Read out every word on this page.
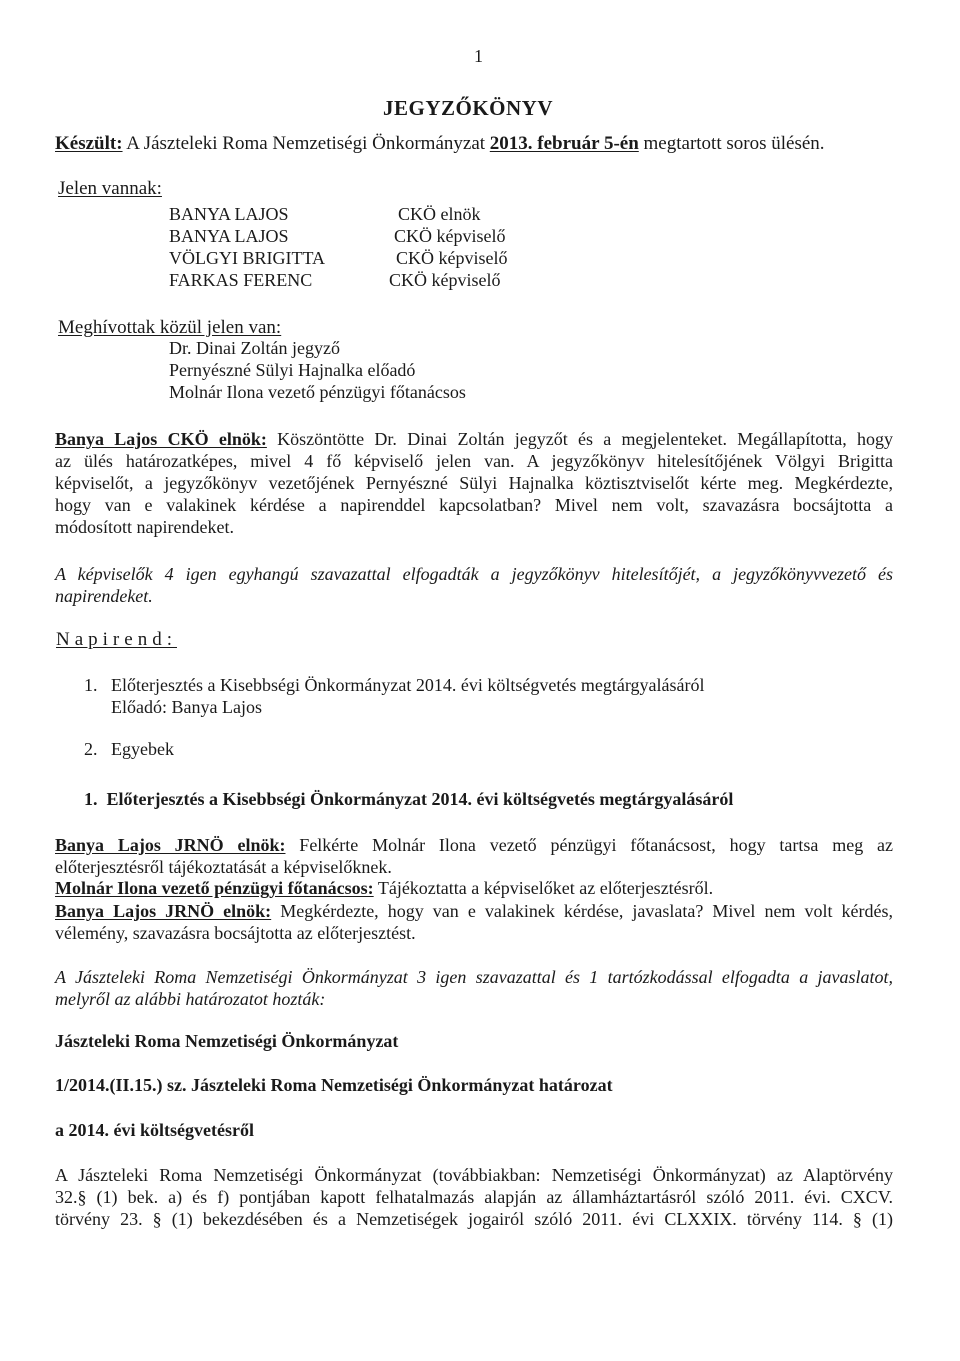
1
JEGYZŐKÖNYV
Készült: A Jászteleki Roma Nemzetiségi Önkormányzat 2013. február 5-én megtartott soros ülésén.
Jelen vannak:
BANYA LAJOS	CKÖ elnök
BANYA LAJOS	CKÖ képviselő
VÖLGYI BRIGITTA	CKÖ képviselő
FARKAS FERENC	CKÖ képviselő
Meghívottak közül jelen van:
Dr. Dinai Zoltán jegyző
Pernyészné Sülyi Hajnalka előadó
Molnár Ilona vezető pénzügyi főtanácsos
Banya Lajos CKÖ elnök: Köszöntötte Dr. Dinai Zoltán jegyzőt és a megjelenteket. Megállapította, hogy
az ülés határozatképes, mivel 4 fő képviselő jelen van. A jegyzőkönyv hitelesítőjének Völgyi Brigitta
képviselőt, a jegyzőkönyv vezetőjének Pernyészné Sülyi Hajnalka köztisztviselőt kérte meg. Megkérdezte,
hogy van e valakinek kérdése a napirenddel kapcsolatban? Mivel nem volt, szavazásra bocsájtotta a
módosított napirendeket.
A képviselők 4 igen egyhangú szavazattal elfogadták a jegyzőkönyv hitelesítőjét, a jegyzőkönyvvezető és
napirendeket.
Napirend:
1. Előterjesztés a Kisebbségi Önkormányzat 2014. évi költségvetés megtárgyalásáról
Előadó: Banya Lajos
2. Egyebek
1.  Előterjesztés a Kisebbségi Önkormányzat 2014. évi költségvetés megtárgyalásáról
Banya Lajos JRNÖ elnök: Felkérte Molnár Ilona vezető pénzügyi főtanácsost, hogy tartsa meg az
előterjesztésről tájékoztatását a képviselőknek.
Molnár Ilona vezető pénzügyi főtanácsos: Tájékoztatta a képviselőket az előterjesztésről.
Banya Lajos JRNÖ elnök: Megkérdezte, hogy van e valakinek kérdése, javaslata? Mivel nem volt kérdés,
vélemény, szavazásra bocsájtotta az előterjesztést.
A Jászteleki Roma Nemzetiségi Önkormányzat 3 igen szavazattal és 1 tartózkodással elfogadta a javaslatot,
melyről az alábbi határozatot hozták:
Jászteleki Roma Nemzetiségi Önkormányzat
1/2014.(II.15.) sz. Jászteleki Roma Nemzetiségi Önkormányzat határozat
a 2014. évi költségvetésről
A Jászteleki Roma Nemzetiségi Önkormányzat (továbbiakban: Nemzetiségi Önkormányzat) az Alaptörvény
32.§ (1) bek. a) és f) pontjában kapott felhatalmazás alapján az államháztartásról szóló 2011. évi. CXCV.
törvény 23. § (1) bekezdésében és a Nemzetiségek jogairól szóló 2011. évi CLXXIX. törvény 114. § (1)
